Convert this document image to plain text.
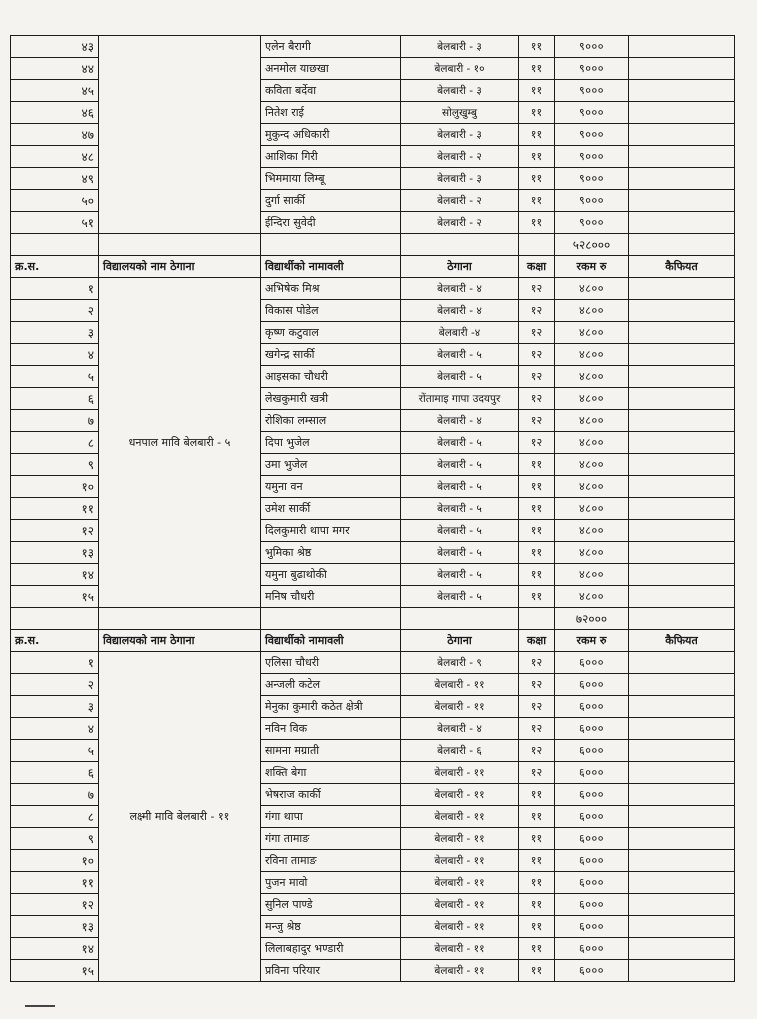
४३		एलेन बैरागी	बेलबारी - ३	११	९०००	
४४		अनमोल याछखा	बेलबारी - १०	११	९०००	
४५		कविता बर्देवा	बेलबारी - ३	११	९०००	
४६		नितेश राई	सोलुखुम्बु	११	९०००	
४७		मुकुन्द अधिकारी	बेलबारी - ३	११	९०००	
४८		आशिका गिरी	बेलबारी - २	११	९०००	
४९		भिममाया लिम्बू	बेलबारी - ३	११	९०००	
५०		दुर्गा सार्की	बेलबारी - २	११	९०००	
५१		ईन्दिरा सुवेदी	बेलबारी - २	११	९०००	
					५२८०००	
क्र.स.	विद्यालयको नाम ठेगाना	विद्यार्थीको नामावली	ठेगाना	कक्षा	रकम रु	कैफियत
१	धनपाल मावि बेलबारी - ५	अभिषेक मिश्र	बेलबारी - ४	१२	४८००	
२		विकास पोडेल	बेलबारी - ४	१२	४८००	
३		कृष्ण कटुवाल	बेलबारी -४	१२	४८००	
४		खगेन्द्र सार्की	बेलबारी - ५	१२	४८००	
५		आइसका चौधरी	बेलबारी - ५	१२	४८००	
६		लेखकुमारी खत्री	रोंतामाइ गापा उदयपुर	१२	४८००	
७		रोशिका लम्साल	बेलबारी - ४	१२	४८००	
८		दिपा भुजेल	बेलबारी - ५	१२	४८००	
९		उमा भुजेल	बेलबारी - ५	११	४८००	
१०		यमुना वन	बेलबारी - ५	११	४८००	
११		उमेश सार्की	बेलबारी - ५	११	४८००	
१२		दिलकुमारी थापा मगर	बेलबारी - ५	११	४८००	
१३		भुमिका श्रेष्ठ	बेलबारी - ५	११	४८००	
१४		यमुना बुढाथोकी	बेलबारी - ५	११	४८००	
१५		मनिष चौधरी	बेलबारी - ५	११	४८००	
					७२०००	
क्र.स.	विद्यालयको नाम ठेगाना	विद्यार्थीको नामावली	ठेगाना	कक्षा	रकम रु	कैफियत
१	लक्ष्मी मावि बेलबारी - ११	एलिसा चौधरी	बेलबारी - ९	१२	६०००	
२		अन्जली कटेल	बेलबारी - ११	१२	६०००	
३		मेनुका कुमारी कठेत क्षेत्री	बेलबारी - ११	१२	६०००	
४		नविन विक	बेलबारी - ४	१२	६०००	
५		सामना मग्राती	बेलबारी - ६	१२	६०००	
६		शक्ति बेगा	बेलबारी - ११	१२	६०००	
७		भेषराज कार्की	बेलबारी - ११	११	६०००	
८		गंगा थापा	बेलबारी - ११	११	६०००	
९		गंगा तामाङ	बेलबारी - ११	११	६०००	
१०		रविना तामाङ	बेलबारी - ११	११	६०००	
११		पुजन मावो	बेलबारी - ११	११	६०००	
१२		सुनिल पाण्डे	बेलबारी - ११	११	६०००	
१३		मन्जु श्रेष्ठ	बेलबारी - ११	११	६०००	
१४		लिलाबहादुर भण्डारी	बेलबारी - ११	११	६०००	
१५		प्रविना परियार	बेलबारी - ११	११	६०००	
